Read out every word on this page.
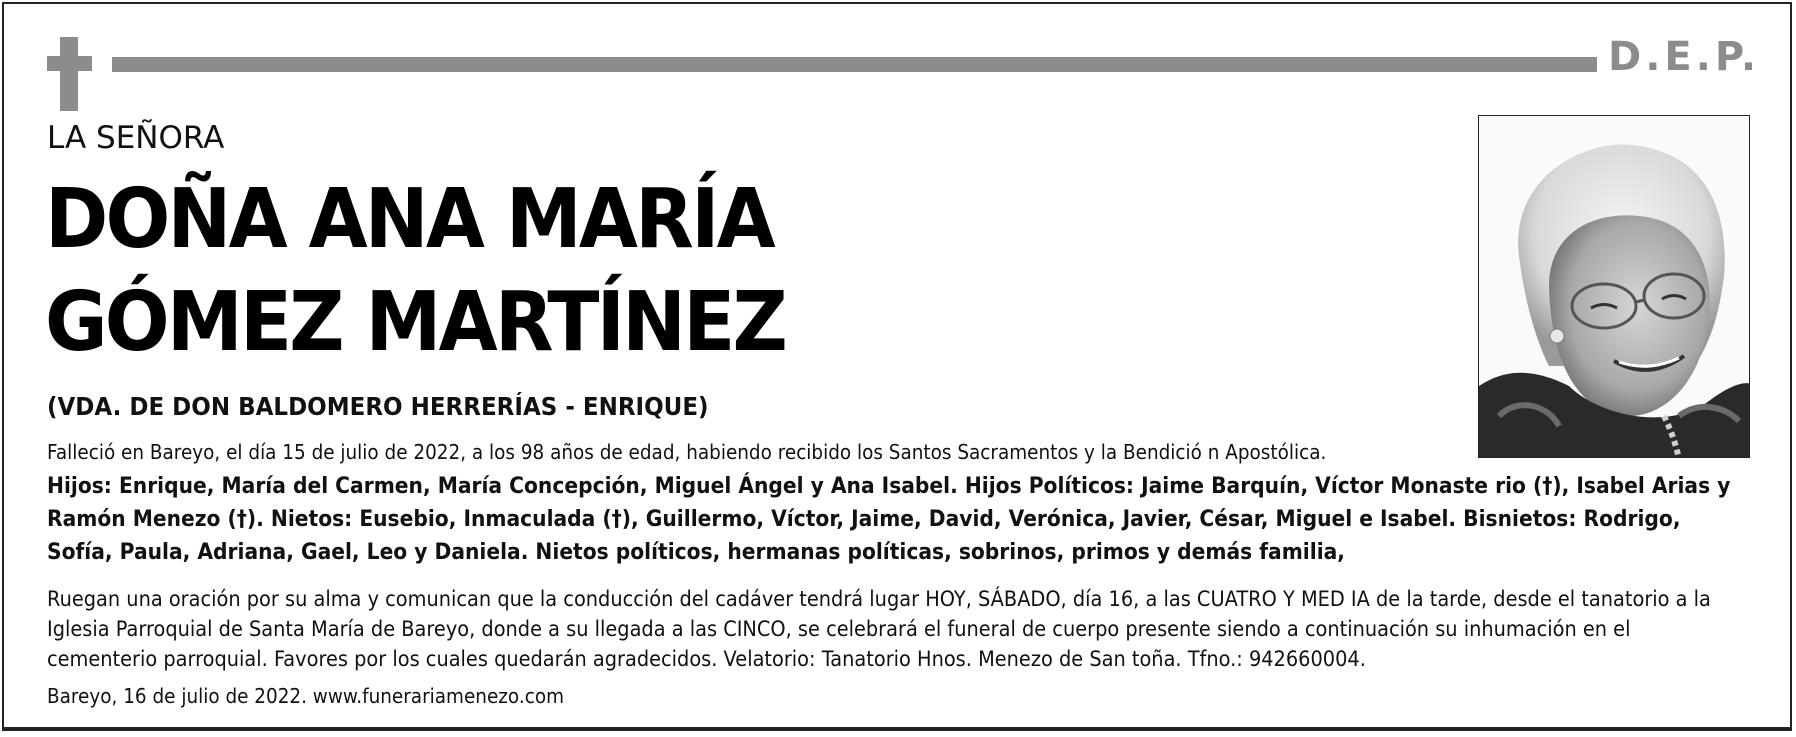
D.E.P.
LA SEÑORA
DOÑA ANA MARÍA
GÓMEZ MARTÍNEZ
(VDA. DE DON BALDOMERO HERRERÍAS - ENRIQUE)
Falleció en Bareyo, el día 15 de julio de 2022, a los 98 años de edad, habiendo recibido los Santos Sacramentos y la Bendició n Apostólica.
Hijos: Enrique, María del Carmen, María Concepción, Miguel Ángel y Ana Isabel. Hijos Políticos: Jaime Barquín, Víctor Monaste rio (†), Isabel Arias y Ramón Menezo (†). Nietos: Eusebio, Inmaculada (†), Guillermo, Víctor, Jaime, David, Verónica, Javier, César, Miguel e Isabel. Bisnietos: Rodrigo, Sofía, Paula, Adriana, Gael, Leo y Daniela. Nietos políticos, hermanas políticas, sobrinos, primos y demás familia,
Ruegan una oración por su alma y comunican que la conducción del cadáver tendrá lugar HOY, SÁBADO, día 16, a las CUATRO Y MED IA de la tarde, desde el tanatorio a la Iglesia Parroquial de Santa María de Bareyo, donde a su llegada a las CINCO, se celebrará el funeral de cuerpo presente siendo a continuación su inhumación en el cementerio parroquial. Favores por los cuales quedarán agradecidos. Velatorio: Tanatorio Hnos. Menezo de San toña. Tfno.: 942660004.
Bareyo, 16 de julio de 2022. www.funerariamenezo.com
